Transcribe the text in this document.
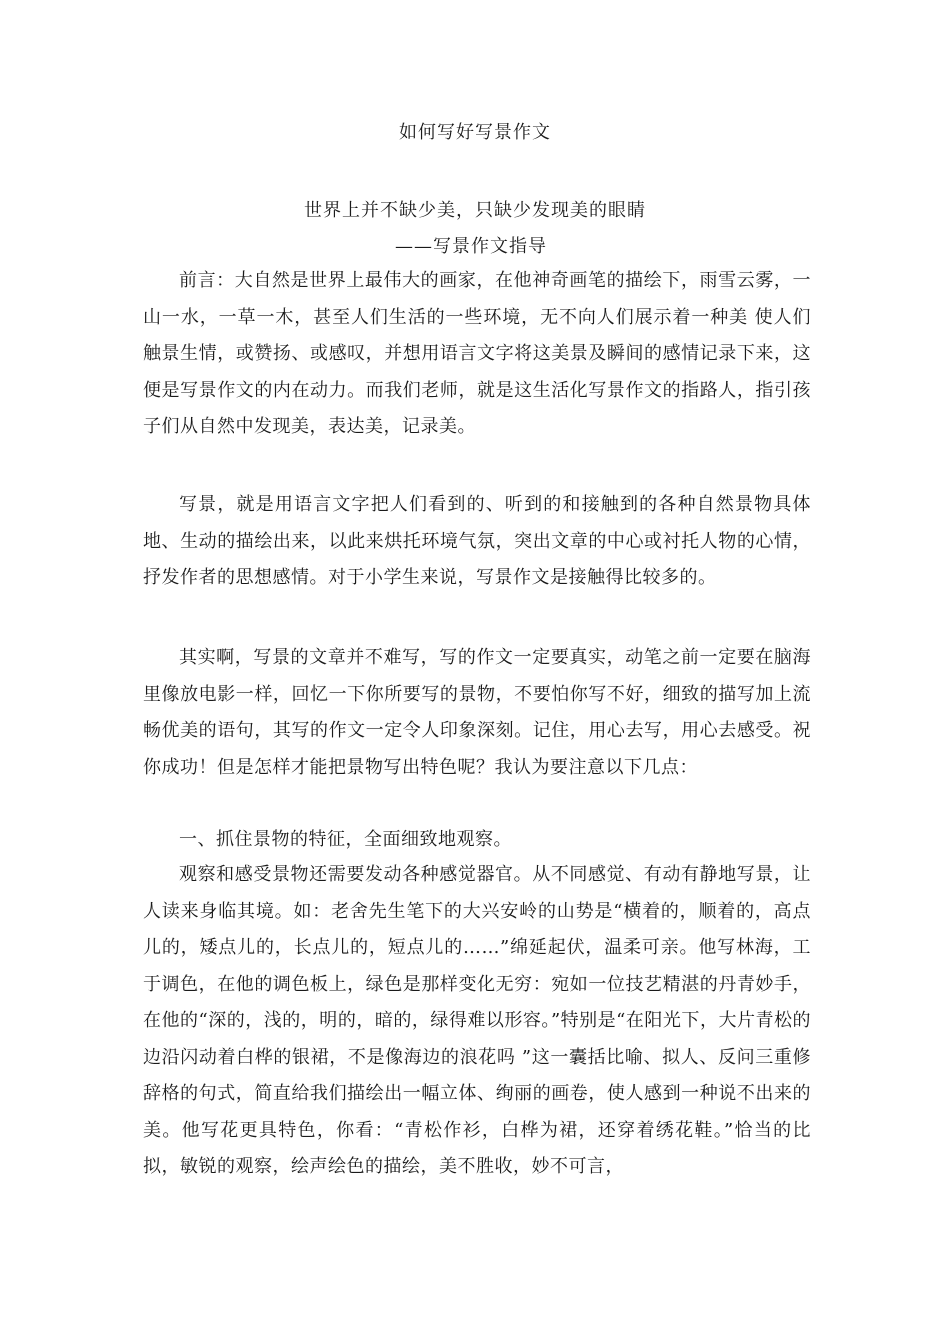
如何写好写景作文
世界上并不缺少美，只缺少发现美的眼睛
——写景作文指导

前言：大自然是世界上最伟大的画家，在他神奇画笔的描绘下，雨雪云雾，一山一水，一草一木，甚至人们生活的一些环境，无不向人们展示着一种美 使人们触景生情，或赞扬、或感叹，并想用语言文字将这美景及瞬间的感情记录下来，这便是写景作文的内在动力。而我们老师，就是这生活化写景作文的指路人，指引孩子们从自然中发现美，表达美，记录美。

写景，就是用语言文字把人们看到的、听到的和接触到的各种自然景物具体地、生动的描绘出来，以此来烘托环境气氛，突出文章的中心或衬托人物的心情，抒发作者的思想感情。对于小学生来说，写景作文是接触得比较多的。

其实啊，写景的文章并不难写，写的作文一定要真实，动笔之前一定要在脑海里像放电影一样，回忆一下你所要写的景物，不要怕你写不好，细致的描写加上流畅优美的语句，其写的作文一定令人印象深刻。记住，用心去写，用心去感受。祝你成功！但是怎样才能把景物写出特色呢？我认为要注意以下几点：

一、抓住景物的特征，全面细致地观察。

观察和感受景物还需要发动各种感觉器官。从不同感觉、有动有静地写景，让人读来身临其境。如：老舍先生笔下的大兴安岭的山势是“横着的，顺着的，高点儿的，矮点儿的，长点儿的，短点儿的……”绵延起伏，温柔可亲。他写林海，工于调色，在他的调色板上，绿色是那样变化无穷：宛如一位技艺精湛的丹青妙手，在他的“深的，浅的，明的，暗的，绿得难以形容。”特别是“在阳光下，大片青松的边沿闪动着白桦的银裙，不是像海边的浪花吗 ”这一囊括比喻、拟人、反问三重修辞格的句式，简直给我们描绘出一幅立体、绚丽的画卷，使人感到一种说不出来的美。他写花更具特色，你看：“青松作衫，白桦为裙，还穿着绣花鞋。”恰当的比拟，敏锐的观察，绘声绘色的描绘，美不胜收，妙不可言，
